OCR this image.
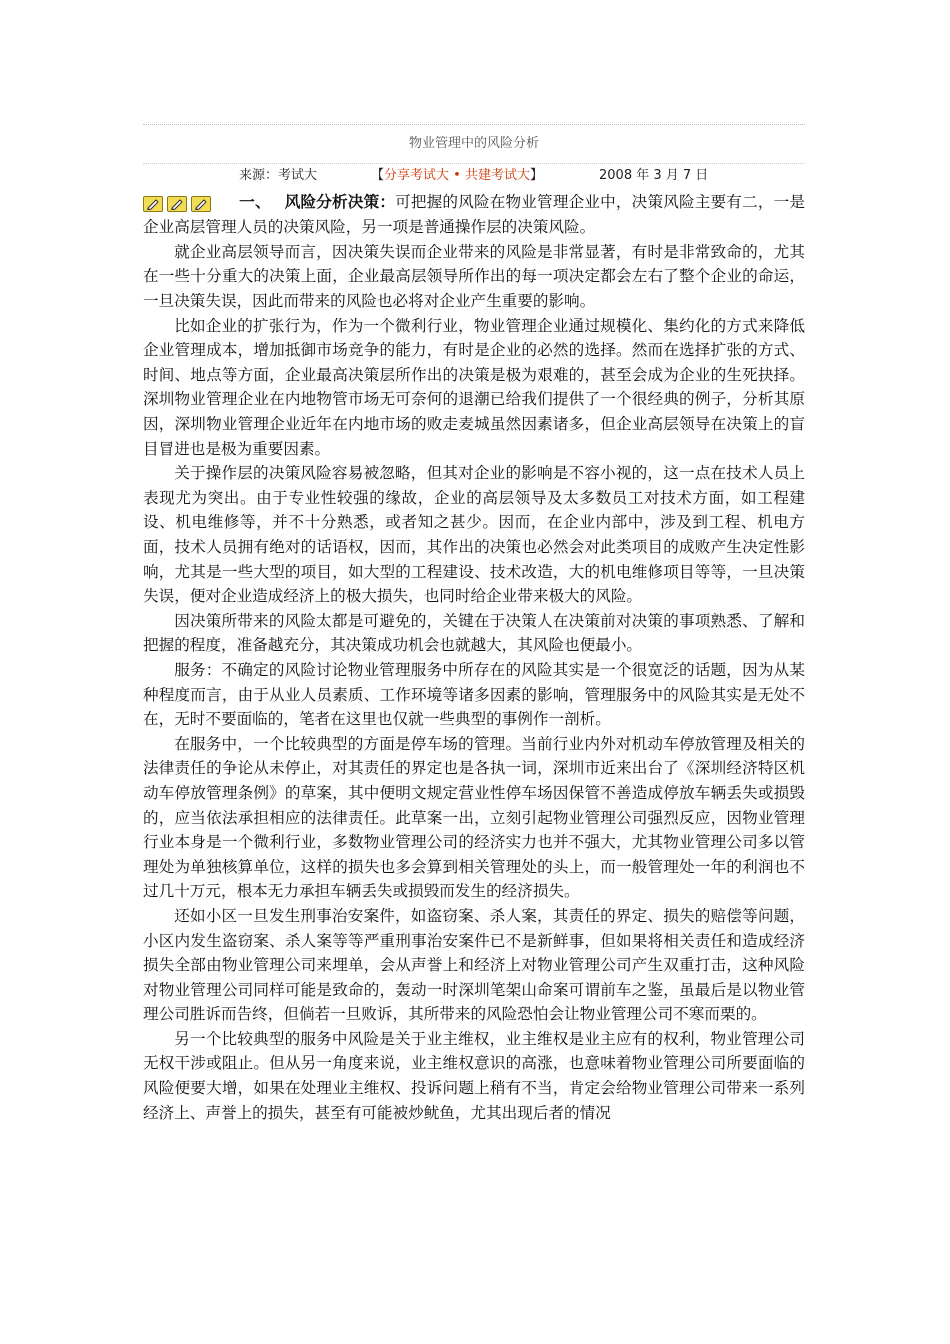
物业管理中的风险分析
来源：考试大	【分享考试大 • 共建考试大】	2008 年 3 月 7 日

一、 风险分析决策：可把握的风险在物业管理企业中，决策风险主要有二，一是企业高层管理人员的决策风险，另一项是普通操作层的决策风险。

就企业高层领导而言，因决策失误而企业带来的风险是非常显著，有时是非常致命的，尤其在一些十分重大的决策上面，企业最高层领导所作出的每一项决定都会左右了整个企业的命运，一旦决策失误，因此而带来的风险也必将对企业产生重要的影响。

比如企业的扩张行为，作为一个微利行业，物业管理企业通过规模化、集约化的方式来降低企业管理成本，增加抵御市场竞争的能力，有时是企业的必然的选择。然而在选择扩张的方式、时间、地点等方面，企业最高决策层所作出的决策是极为艰难的，甚至会成为企业的生死抉择。深圳物业管理企业在内地物管市场无可奈何的退潮已给我们提供了一个很经典的例子，分析其原因，深圳物业管理企业近年在内地市场的败走麦城虽然因素诸多，但企业高层领导在决策上的盲目冒进也是极为重要因素。

关于操作层的决策风险容易被忽略，但其对企业的影响是不容小视的，这一点在技术人员上表现尤为突出。由于专业性较强的缘故，企业的高层领导及太多数员工对技术方面，如工程建设、机电维修等，并不十分熟悉，或者知之甚少。因而，在企业内部中，涉及到工程、机电方面，技术人员拥有绝对的话语权，因而，其作出的决策也必然会对此类项目的成败产生决定性影响，尤其是一些大型的项目，如大型的工程建设、技术改造，大的机电维修项目等等，一旦决策失误，便对企业造成经济上的极大损失，也同时给企业带来极大的风险。

因决策所带来的风险太都是可避免的，关键在于决策人在决策前对决策的事项熟悉、了解和把握的程度，准备越充分，其决策成功机会也就越大，其风险也便最小。

服务：不确定的风险讨论物业管理服务中所存在的风险其实是一个很宽泛的话题，因为从某种程度而言，由于从业人员素质、工作环境等诸多因素的影响，管理服务中的风险其实是无处不在，无时不要面临的，笔者在这里也仅就一些典型的事例作一剖析。

在服务中，一个比较典型的方面是停车场的管理。当前行业内外对机动车停放管理及相关的法律责任的争论从未停止，对其责任的界定也是各执一词，深圳市近来出台了《深圳经济特区机动车停放管理条例》的草案，其中便明文规定营业性停车场因保管不善造成停放车辆丢失或损毁的，应当依法承担相应的法律责任。此草案一出，立刻引起物业管理公司强烈反应，因物业管理行业本身是一个微利行业，多数物业管理公司的经济实力也并不强大，尤其物业管理公司多以管理处为单独核算单位，这样的损失也多会算到相关管理处的头上，而一般管理处一年的利润也不过几十万元，根本无力承担车辆丢失或损毁而发生的经济损失。

还如小区一旦发生刑事治安案件，如盗窃案、杀人案，其责任的界定、损失的赔偿等问题，小区内发生盗窃案、杀人案等等严重刑事治安案件已不是新鲜事，但如果将相关责任和造成经济损失全部由物业管理公司来埋单，会从声誉上和经济上对物业管理公司产生双重打击，这种风险对物业管理公司同样可能是致命的，轰动一时深圳笔架山命案可谓前车之鉴，虽最后是以物业管理公司胜诉而告终，但倘若一旦败诉，其所带来的风险恐怕会让物业管理公司不寒而栗的。

另一个比较典型的服务中风险是关于业主维权，业主维权是业主应有的权利，物业管理公司无权干涉或阻止。但从另一角度来说，业主维权意识的高涨，也意味着物业管理公司所要面临的风险便要大增，如果在处理业主维权、投诉问题上稍有不当，肯定会给物业管理公司带来一系列经济上、声誉上的损失，甚至有可能被炒鱿鱼，尤其出现后者的情况
